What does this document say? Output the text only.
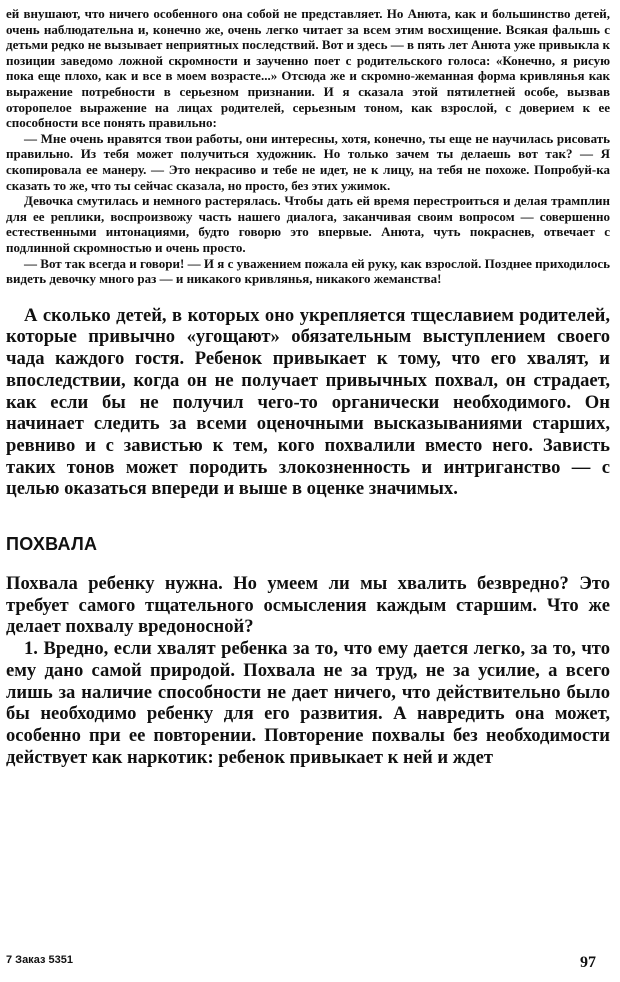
ей внушают, что ничего особенного она собой не представляет. Но Анюта, как и большинство детей, очень наблюдательна и, конечно же, очень легко читает за всем этим восхищение. Всякая фальшь с детьми редко не вызывает неприятных последствий. Вот и здесь — в пять лет Анюта уже привыкла к позиции заведомо ложной скромности и заученно поет с родительского голоса: «Конечно, я рисую пока еще плохо, как и все в моем возрасте...» Отсюда же и скромно-жеманная форма кривлянья как выражение потребности в серьезном признании. И я сказала этой пятилетней особе, вызвав оторопелое выражение на лицах родителей, серьезным тоном, как взрослой, с доверием к ее способности все понять правильно:

— Мне очень нравятся твои работы, они интересны, хотя, конечно, ты еще не научилась рисовать правильно. Из тебя может получиться художник. Но только зачем ты делаешь вот так? — Я скопировала ее манеру. — Это некрасиво и тебе не идет, не к лицу, на тебя не похоже. Попробуй-ка сказать то же, что ты сейчас сказала, но просто, без этих ужимок.

Девочка смутилась и немного растерялась. Чтобы дать ей время перестроиться и делая трамплин для ее реплики, воспроизвожу часть нашего диалога, заканчивая своим вопросом — совершенно естественными интонациями, будто говорю это впервые. Анюта, чуть покраснев, отвечает с подлинной скромностью и очень просто.

— Вот так всегда и говори! — И я с уважением пожала ей руку, как взрослой. Позднее приходилось видеть девочку много раз — и никакого кривлянья, никакого жеманства!

А сколько детей, в которых оно укрепляется тщеславием родителей, которые привычно «угощают» обязательным выступлением своего чада каждого гостя. Ребенок привыкает к тому, что его хвалят, и впоследствии, когда он не получает привычных похвал, он страдает, как если бы не получил чего-то органически необходимого. Он начинает следить за всеми оценочными высказываниями старших, ревниво и с завистью к тем, кого похвалили вместо него. Зависть таких тонов может породить злокозненность и интриганство — с целью оказаться впереди и выше в оценке значимых.

ПОХВАЛА

Похвала ребенку нужна. Но умеем ли мы хвалить безвредно? Это требует самого тщательного осмысления каждым старшим. Что же делает похвалу вредоносной?

1. Вредно, если хвалят ребенка за то, что ему дается легко, за то, что ему дано самой природой. Похвала не за труд, не за усилие, а всего лишь за наличие способности не дает ничего, что действительно было бы необходимо ребенку для его развития. А навредить она может, особенно при ее повторении. Повторение похвалы без необходимости действует как наркотик: ребенок привыкает к ней и ждет

7 Заказ 5351	97
